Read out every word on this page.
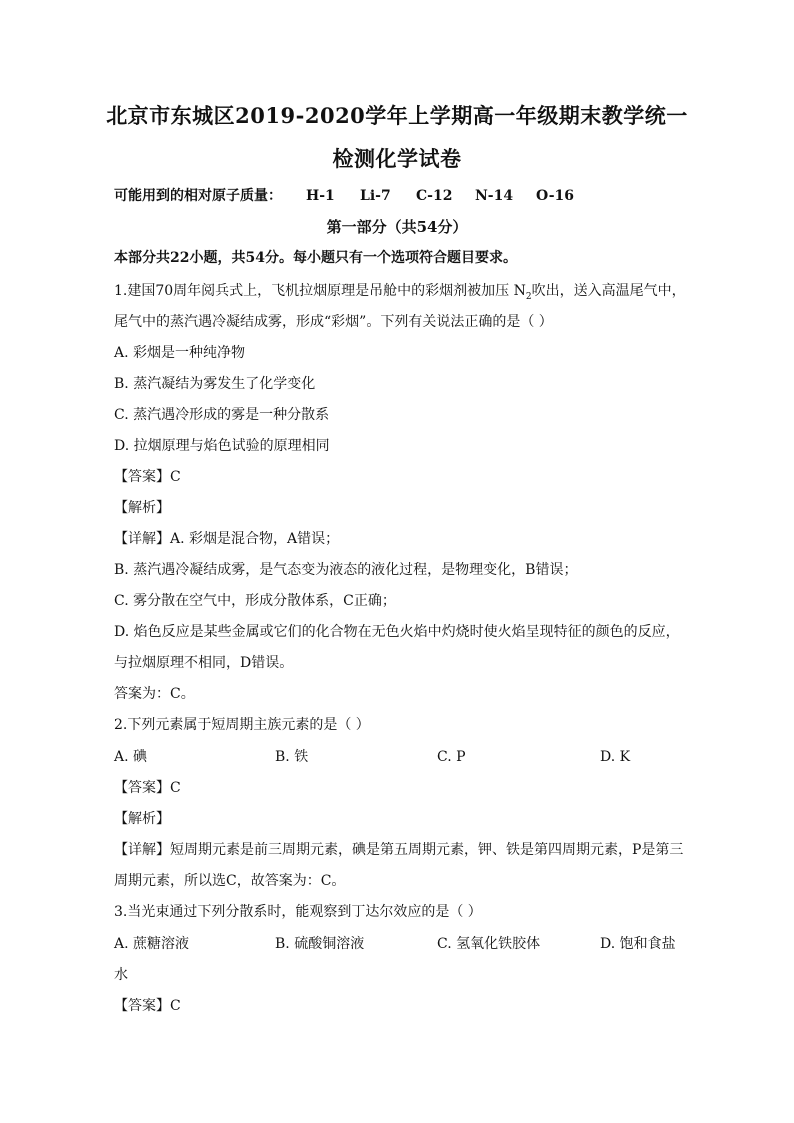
北京市东城区2019-2020学年上学期高一年级期末教学统一
检测化学试卷
可能用到的相对原子质量： H-1 Li-7 C-12 N-14 O-16
第一部分（共54分）
本部分共22小题，共54分。每小题只有一个选项符合题目要求。
1.建国70周年阅兵式上，飞机拉烟原理是吊舱中的彩烟剂被加压 $N_2$吹出，送入高温尾气中，
尾气中的蒸汽遇冷凝结成雾，形成“彩烟”。下列有关说法正确的是（ ）
A. 彩烟是一种纯净物
B. 蒸汽凝结为雾发生了化学变化
C. 蒸汽遇冷形成的雾是一种分散系
D. 拉烟原理与焰色试验的原理相同
【答案】C
【解析】
【详解】A. 彩烟是混合物，A错误；
B. 蒸汽遇冷凝结成雾，是气态变为液态的液化过程，是物理变化，B错误；
C. 雾分散在空气中，形成分散体系，C正确；
D. 焰色反应是某些金属或它们的化合物在无色火焰中灼烧时使火焰呈现特征的颜色的反应，
与拉烟原理不相同，D错误。
答案为：C。
2.下列元素属于短周期主族元素的是（ ）
A. 碘	B. 铁	C. P	D. K
【答案】C
【解析】
【详解】短周期元素是前三周期元素，碘是第五周期元素，钾、铁是第四周期元素，P是第三
周期元素，所以选C，故答案为：C。
3.当光束通过下列分散系时，能观察到丁达尔效应的是（ ）
A. 蔗糖溶液	B. 硫酸铜溶液	C. 氢氧化铁胶体	D. 饱和食盐
水
【答案】C
